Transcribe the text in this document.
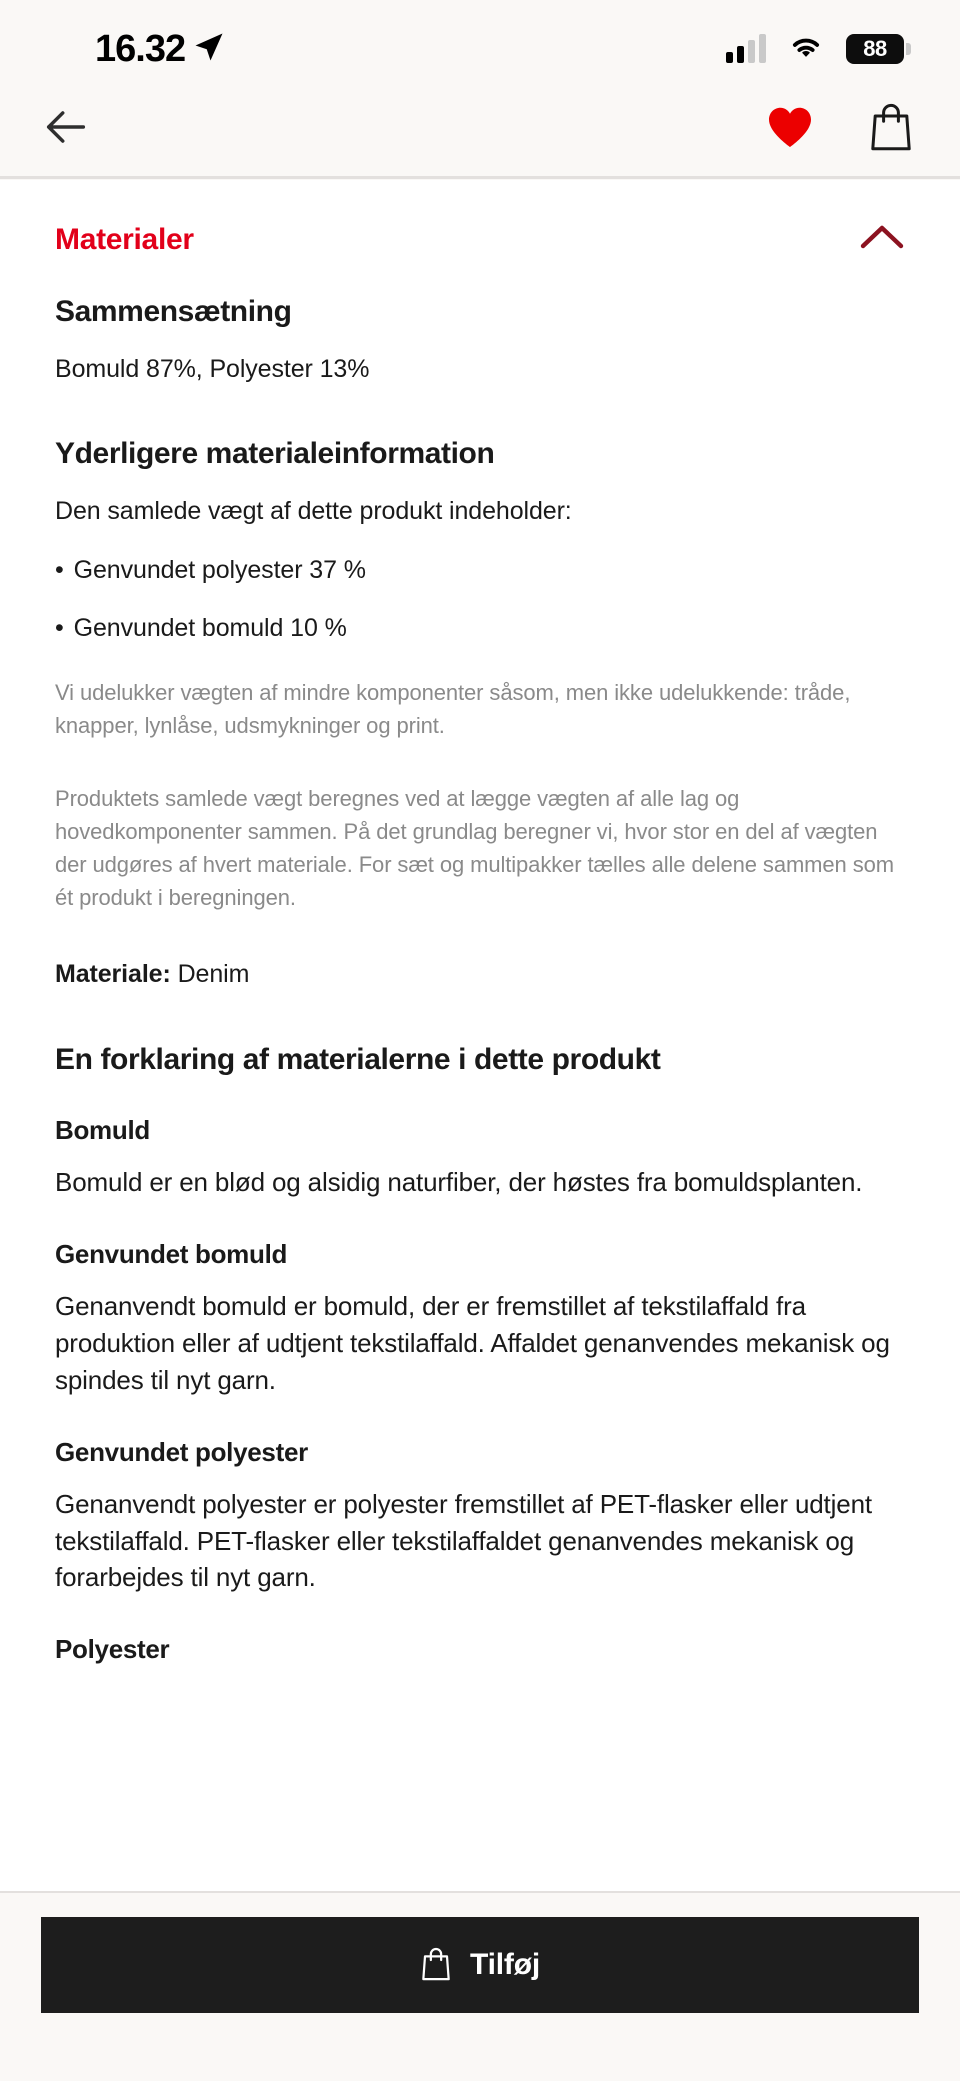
16.32	88
Materialer
Sammensætning

Bomuld 87%, Polyester 13%

Yderligere materialeinformation

Den samlede vægt af dette produkt indeholder:

• Genvundet polyester 37 %
• Genvundet bomuld 10 %

Vi udelukker vægten af mindre komponenter såsom, men ikke udelukkende: tråde, knapper, lynlåse, udsmykninger og print.

Produktets samlede vægt beregnes ved at lægge vægten af alle lag og hovedkomponenter sammen. På det grundlag beregner vi, hvor stor en del af vægten der udgøres af hvert materiale. For sæt og multipakker tælles alle delene sammen som ét produkt i beregningen.

Materiale: Denim

En forklaring af materialerne i dette produkt
Bomuld

Bomuld er en blød og alsidig naturfiber, der høstes fra bomuldsplanten.

Genvundet bomuld

Genanvendt bomuld er bomuld, der er fremstillet af tekstilaffald fra produktion eller af udtjent tekstilaffald. Affaldet genanvendes mekanisk og spindes til nyt garn.

Genvundet polyester

Genanvendt polyester er polyester fremstillet af PET-flasker eller udtjent tekstilaffald. PET-flasker eller tekstilaffaldet genanvendes mekanisk og forarbejdes til nyt garn.

Polyester
Tilføj
